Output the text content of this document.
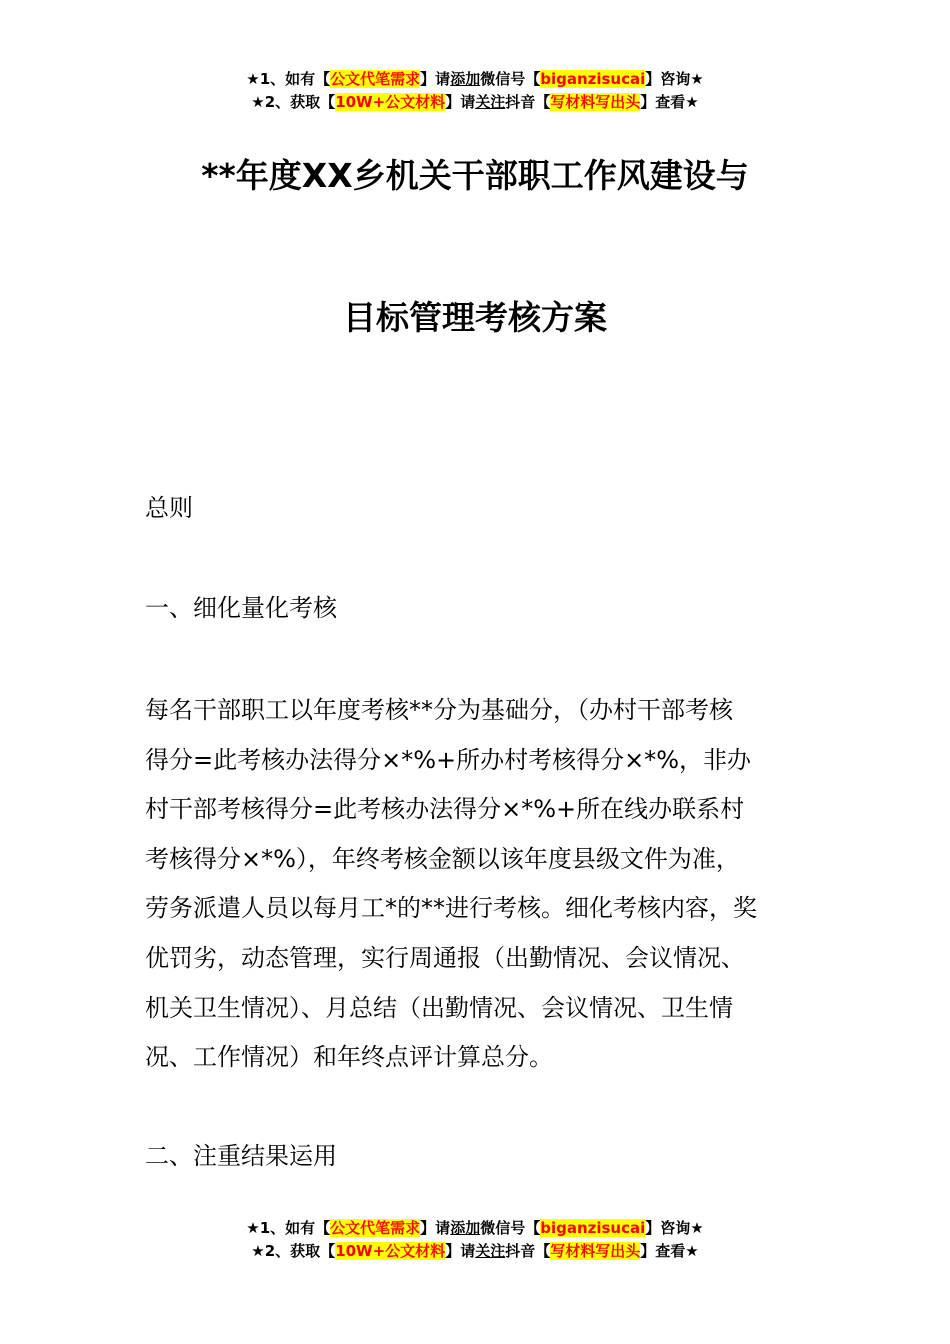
★1、如有【公文代笔需求】请添加微信号【biganzisucai】咨询★
★2、获取【10W+公文材料】请关注抖音【写材料写出头】查看★
**年度XX乡机关干部职工作风建设与
目标管理考核方案
总则
一、细化量化考核
每名干部职工以年度考核**分为基础分，（办村干部考核
得分=此考核办法得分×*%+所办村考核得分×*%，非办
村干部考核得分=此考核办法得分×*%+所在线办联系村
考核得分×*%），年终考核金额以该年度县级文件为准，
劳务派遣人员以每月工*的**进行考核。细化考核内容，奖
优罚劣，动态管理，实行周通报（出勤情况、会议情况、
机关卫生情况）、月总结（出勤情况、会议情况、卫生情
况、工作情况）和年终点评计算总分。
二、注重结果运用
★1、如有【公文代笔需求】请添加微信号【biganzisucai】咨询★
★2、获取【10W+公文材料】请关注抖音【写材料写出头】查看★
